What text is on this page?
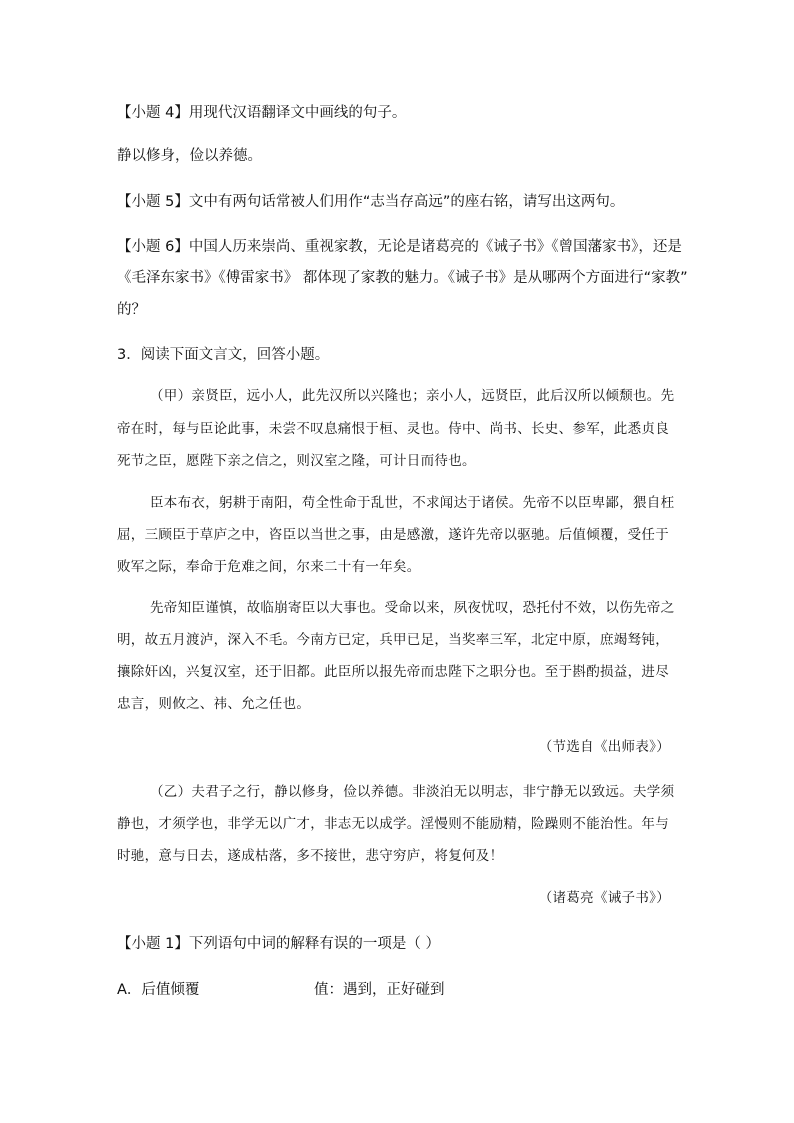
【小题 4】用现代汉语翻译文中画线的句子。
静以修身，俭以养德。
【小题 5】文中有两句话常被人们用作“志当存高远”的座右铭，请写出这两句。
【小题 6】中国人历来崇尚、重视家教，无论是诸葛亮的《诫子书》《曾国藩家书》，还是
《毛泽东家书》《傅雷家书》 都体现了家教的魅力。《诫子书》是从哪两个方面进行“家教”
的？
3．阅读下面文言文，回答小题。
（甲）亲贤臣，远小人，此先汉所以兴隆也；亲小人，远贤臣，此后汉所以倾颓也。先
帝在时，每与臣论此事，未尝不叹息痛恨于桓、灵也。侍中、尚书、长史、参军，此悉贞良
死节之臣，愿陛下亲之信之，则汉室之隆，可计日而待也。
臣本布衣，躬耕于南阳，苟全性命于乱世，不求闻达于诸侯。先帝不以臣卑鄙，猥自枉
屈，三顾臣于草庐之中，咨臣以当世之事，由是感激，遂许先帝以驱驰。后值倾覆，受任于
败军之际，奉命于危难之间，尔来二十有一年矣。
先帝知臣谨慎，故临崩寄臣以大事也。受命以来，夙夜忧叹，恐托付不效，以伤先帝之
明，故五月渡泸，深入不毛。今南方已定，兵甲已足，当奖率三军，北定中原，庶竭驽钝，
攘除奸凶，兴复汉室，还于旧都。此臣所以报先帝而忠陛下之职分也。至于斟酌损益，进尽
忠言，则攸之、祎、允之任也。
（节选自《出师表》）
（乙）夫君子之行，静以修身，俭以养德。非淡泊无以明志，非宁静无以致远。夫学须
静也，才须学也，非学无以广才，非志无以成学。淫慢则不能励精，险躁则不能治性。年与
时驰，意与日去，遂成枯落，多不接世，悲守穷庐，将复何及！
（诸葛亮《诫子书》）
【小题 1】下列语句中词的解释有误的一项是（ ）
A．后值倾覆	值：遇到，正好碰到
